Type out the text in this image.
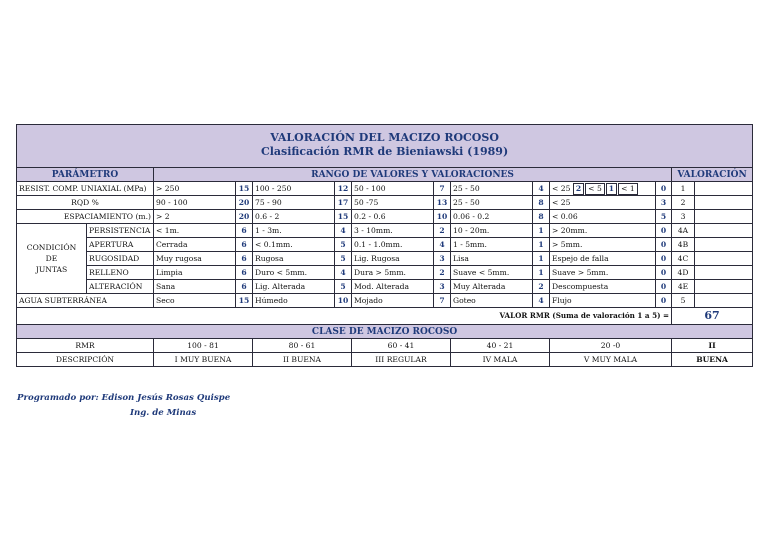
VALORACIÓN DEL MACIZO ROCOSO
Clasificación RMR de Bieniawski (1989)													

PARÁMETRO		RANGO DE VALORES Y VALORACIONES										VALORACIÓN	
RESIST. COMP. UNIAXIAL (MPa)		> 250	15	100 - 250	12	50 - 100	7	25 - 50	4	< 25 2 < 5 1 < 1	0	1	
RQD %		90 - 100	20	75 - 90	17	50 -75	13	25 - 50	8	< 25	3	2	
ESPACIAMIENTO (m.)		> 2	20	0.6 - 2	15	0.2 - 0.6	10	0.06 - 0.2	8	< 0.06	5	3	

CONDICIÓN
DE
JUNTAS	PERSISTENCIA	< 1m.	6	1 - 3m.	4	3 - 10mm.	2	10 - 20m.	1	> 20mm.	0	4A	
	APERTURA	Cerrada	6	< 0.1mm.	5	0.1 - 1.0mm.	4	1 - 5mm.	1	> 5mm.	0	4B	
	RUGOSIDAD	Muy rugosa	6	Rugosa	5	Lig. Rugosa	3	Lisa	1	Espejo de falla	0	4C	
	RELLENO	Limpia	6	Duro < 5mm.	4	Dura > 5mm.	2	Suave < 5mm.	1	Suave > 5mm.	0	4D	
	ALTERACIÓN	Sana	6	Lig. Alterada	5	Mod. Alterada	3	Muy Alterada	2	Descompuesta	0	4E	
AGUA SUBTERRÁNEA		Seco	15	Húmedo	10	Mojado	7	Goteo	4	Flujo	0	5	
VALOR RMR (Suma de valoración 1 a 5) =												67	
CLASE DE MACIZO ROCOSO													
RMR		100 - 81		80 - 61		60 - 41		40 - 21		20 -0		II	
DESCRIPCIÓN		I MUY BUENA		II BUENA		III REGULAR		IV MALA		V MUY MALA		BUENA	
Programado por: Edison Jesús Rosas Quispe
Ing. de Minas
